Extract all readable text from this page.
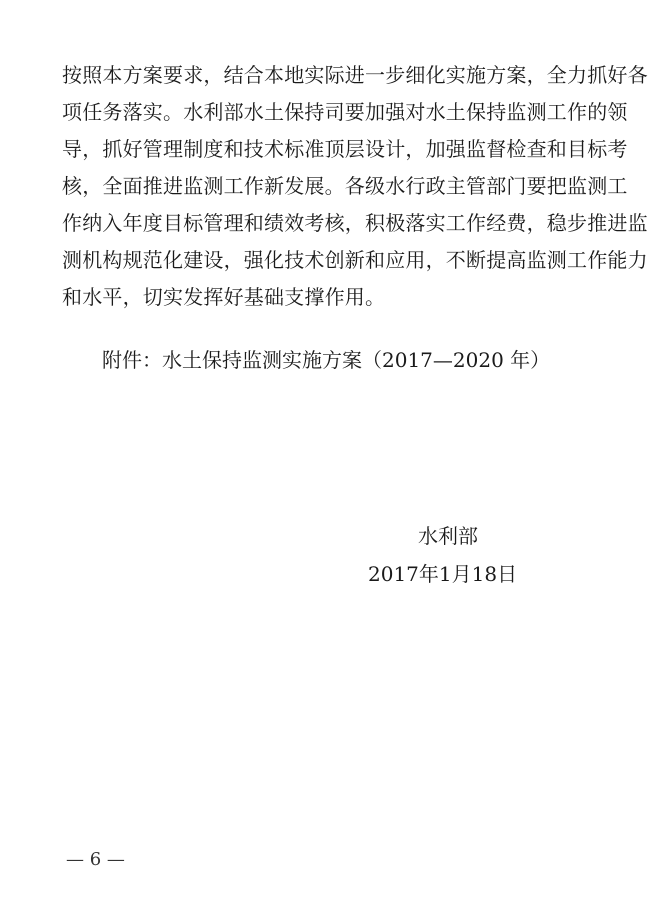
按照本方案要求，结合本地实际进一步细化实施方案，全力抓好各
项任务落实。水利部水土保持司要加强对水土保持监测工作的领
导，抓好管理制度和技术标准顶层设计，加强监督检查和目标考
核，全面推进监测工作新发展。各级水行政主管部门要把监测工
作纳入年度目标管理和绩效考核，积极落实工作经费，稳步推进监
测机构规范化建设，强化技术创新和应用，不断提高监测工作能力
和水平，切实发挥好基础支撑作用。
附件：水土保持监测实施方案（2017—2020 年）
水利部
2017年1月18日
— 6 —
